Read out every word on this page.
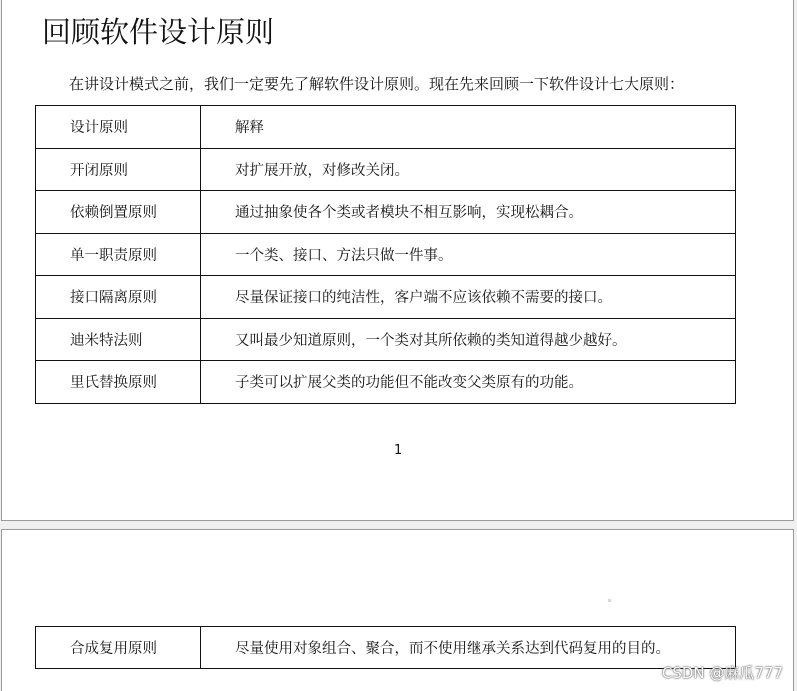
回顾软件设计原则
在讲设计模式之前，我们一定要先了解软件设计原则。现在先来回顾一下软件设计七大原则：
设计原则	解释
开闭原则	对扩展开放，对修改关闭。
依赖倒置原则	通过抽象使各个类或者模块不相互影响，实现松耦合。
单一职责原则	一个类、接口、方法只做一件事。
接口隔离原则	尽量保证接口的纯洁性，客户端不应该依赖不需要的接口。
迪米特法则	又叫最少知道原则，一个类对其所依赖的类知道得越少越好。
里氏替换原则	子类可以扩展父类的功能但不能改变父类原有的功能。
1
合成复用原则	尽量使用对象组合、聚合，而不使用继承关系达到代码复用的目的。
CSDN @麻瓜777
